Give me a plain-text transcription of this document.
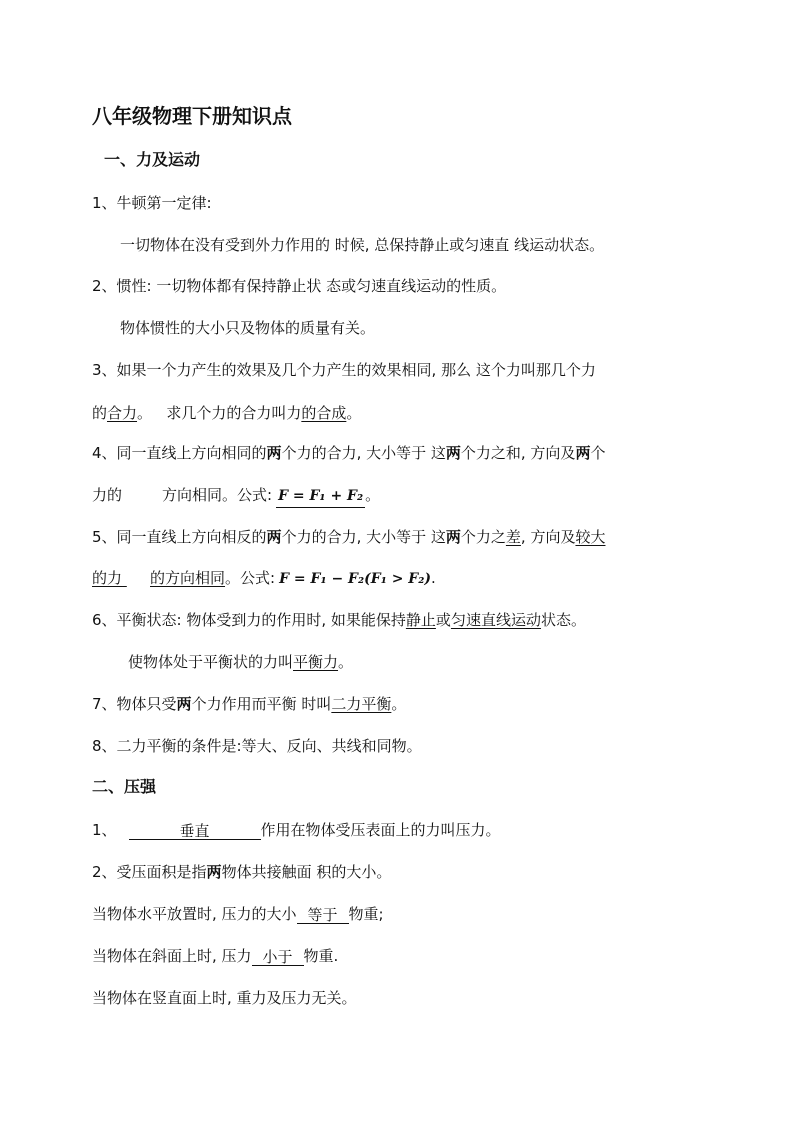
八年级物理下册知识点
一、力及运动
1、牛顿第一定律:
一切物体在没有受到外力作用的 时候, 总保持静止或匀速直 线运动状态。
2、惯性: 一切物体都有保持静止状 态或匀速直线运动的性质。
物体惯性的大小只及物体的质量有关。
3、如果一个力产生的效果及几个力产生的效果相同, 那么 这个力叫那几个力
的合力。   求几个力的合力叫力的合成。
4、同一直线上方向相同的两个力的合力, 大小等于 这两个力之和, 方向及两个
力的	方向相同。公式: F = F₁ + F₂ 。
5、同一直线上方向相反的两个力的合力, 大小等于 这两个力之差, 方向及较大
的力 的方向相同。公式: F = F₁ − F₂(F₁ > F₂).
6、平衡状态: 物体受到力的作用时, 如果能保持静止或匀速直线运动状态。
使物体处于平衡状的力叫平衡力。
7、物体只受两个力作用而平衡 时叫二力平衡。
8、二力平衡的条件是:等大、反向、共线和同物。
二、压强
1、	垂直	作用在物体受压表面上的力叫压力。
2、受压面积是指两物体共接触面 积的大小。
当物体水平放置时, 压力的大小 等于 物重;
当物体在斜面上时, 压力 小于 物重.
当物体在竖直面上时, 重力及压力无关。
